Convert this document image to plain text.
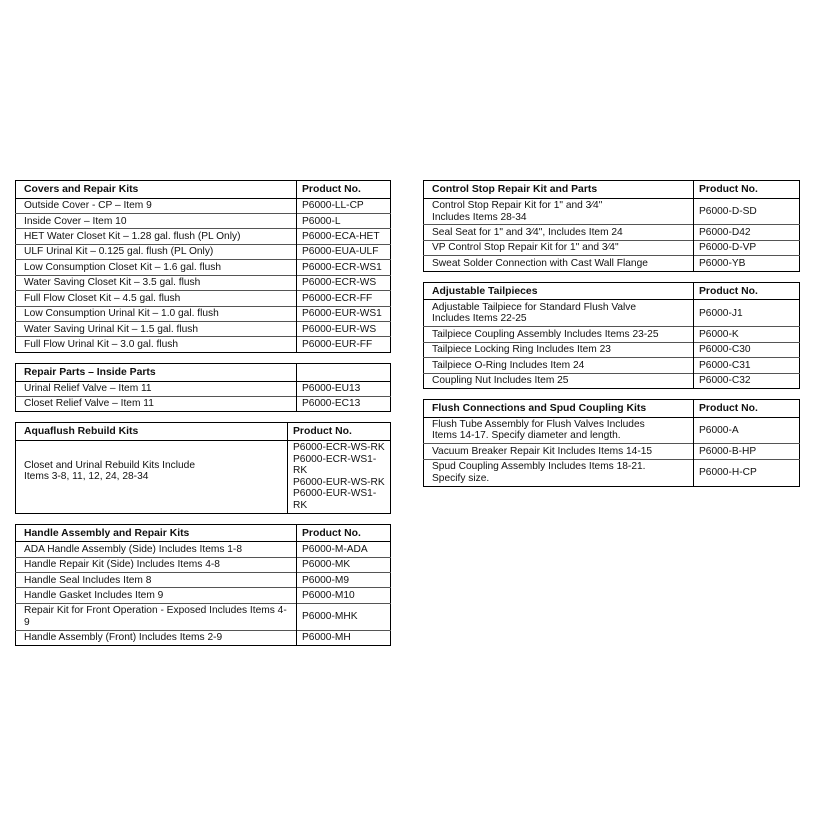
Covers and Repair Kits	Product No.
Outside Cover - CP – Item 9	P6000-LL-CP
Inside Cover – Item 10	P6000-L
HET Water Closet Kit – 1.28 gal. flush (PL Only)	P6000-ECA-HET
ULF Urinal Kit – 0.125 gal. flush (PL Only)	P6000-EUA-ULF
Low Consumption Closet Kit – 1.6 gal. flush	P6000-ECR-WS1
Water Saving Closet Kit – 3.5 gal. flush	P6000-ECR-WS
Full Flow Closet Kit – 4.5 gal. flush	P6000-ECR-FF
Low Consumption Urinal Kit – 1.0 gal. flush	P6000-EUR-WS1
Water Saving Urinal Kit – 1.5 gal. flush	P6000-EUR-WS
Full Flow Urinal Kit – 3.0 gal. flush	P6000-EUR-FF
Repair Parts – Inside Parts	
Urinal Relief Valve – Item 11	P6000-EU13
Closet Relief Valve – Item 11	P6000-EC13
Aquaflush Rebuild Kits	Product No.
Closet and Urinal Rebuild Kits Include
Items 3-8, 11, 12, 24, 28-34	P6000-ECR-WS-RK
P6000-ECR-WS1-RK
P6000-EUR-WS-RK
P6000-EUR-WS1-RK
Handle Assembly and Repair Kits	Product No.
ADA Handle Assembly (Side) Includes Items 1-8	P6000-M-ADA
Handle Repair Kit (Side) Includes Items 4-8	P6000-MK
Handle Seal Includes Item 8	P6000-M9
Handle Gasket Includes Item 9	P6000-M10
Repair Kit for Front Operation - Exposed Includes Items 4-9	P6000-MHK
Handle Assembly (Front) Includes Items 2-9	P6000-MH
Control Stop Repair Kit and Parts	Product No.
Control Stop Repair Kit for 1" and 3⁄4"
Includes Items 28-34	P6000-D-SD
Seal Seat for 1" and 3⁄4", Includes Item 24	P6000-D42
VP Control Stop Repair Kit for 1" and 3⁄4"	P6000-D-VP
Sweat Solder Connection with Cast Wall Flange	P6000-YB
Adjustable Tailpieces	Product No.
Adjustable Tailpiece for Standard Flush Valve
Includes Items 22-25	P6000-J1
Tailpiece Coupling Assembly Includes Items 23-25	P6000-K
Tailpiece Locking Ring Includes Item 23	P6000-C30
Tailpiece O-Ring Includes Item 24	P6000-C31
Coupling Nut Includes Item 25	P6000-C32
Flush Connections and Spud Coupling Kits	Product No.
Flush Tube Assembly for Flush Valves Includes
Items 14-17. Specify diameter and length.	P6000-A
Vacuum Breaker Repair Kit Includes Items 14-15	P6000-B-HP
Spud Coupling Assembly Includes Items 18-21.
Specify size.	P6000-H-CP
